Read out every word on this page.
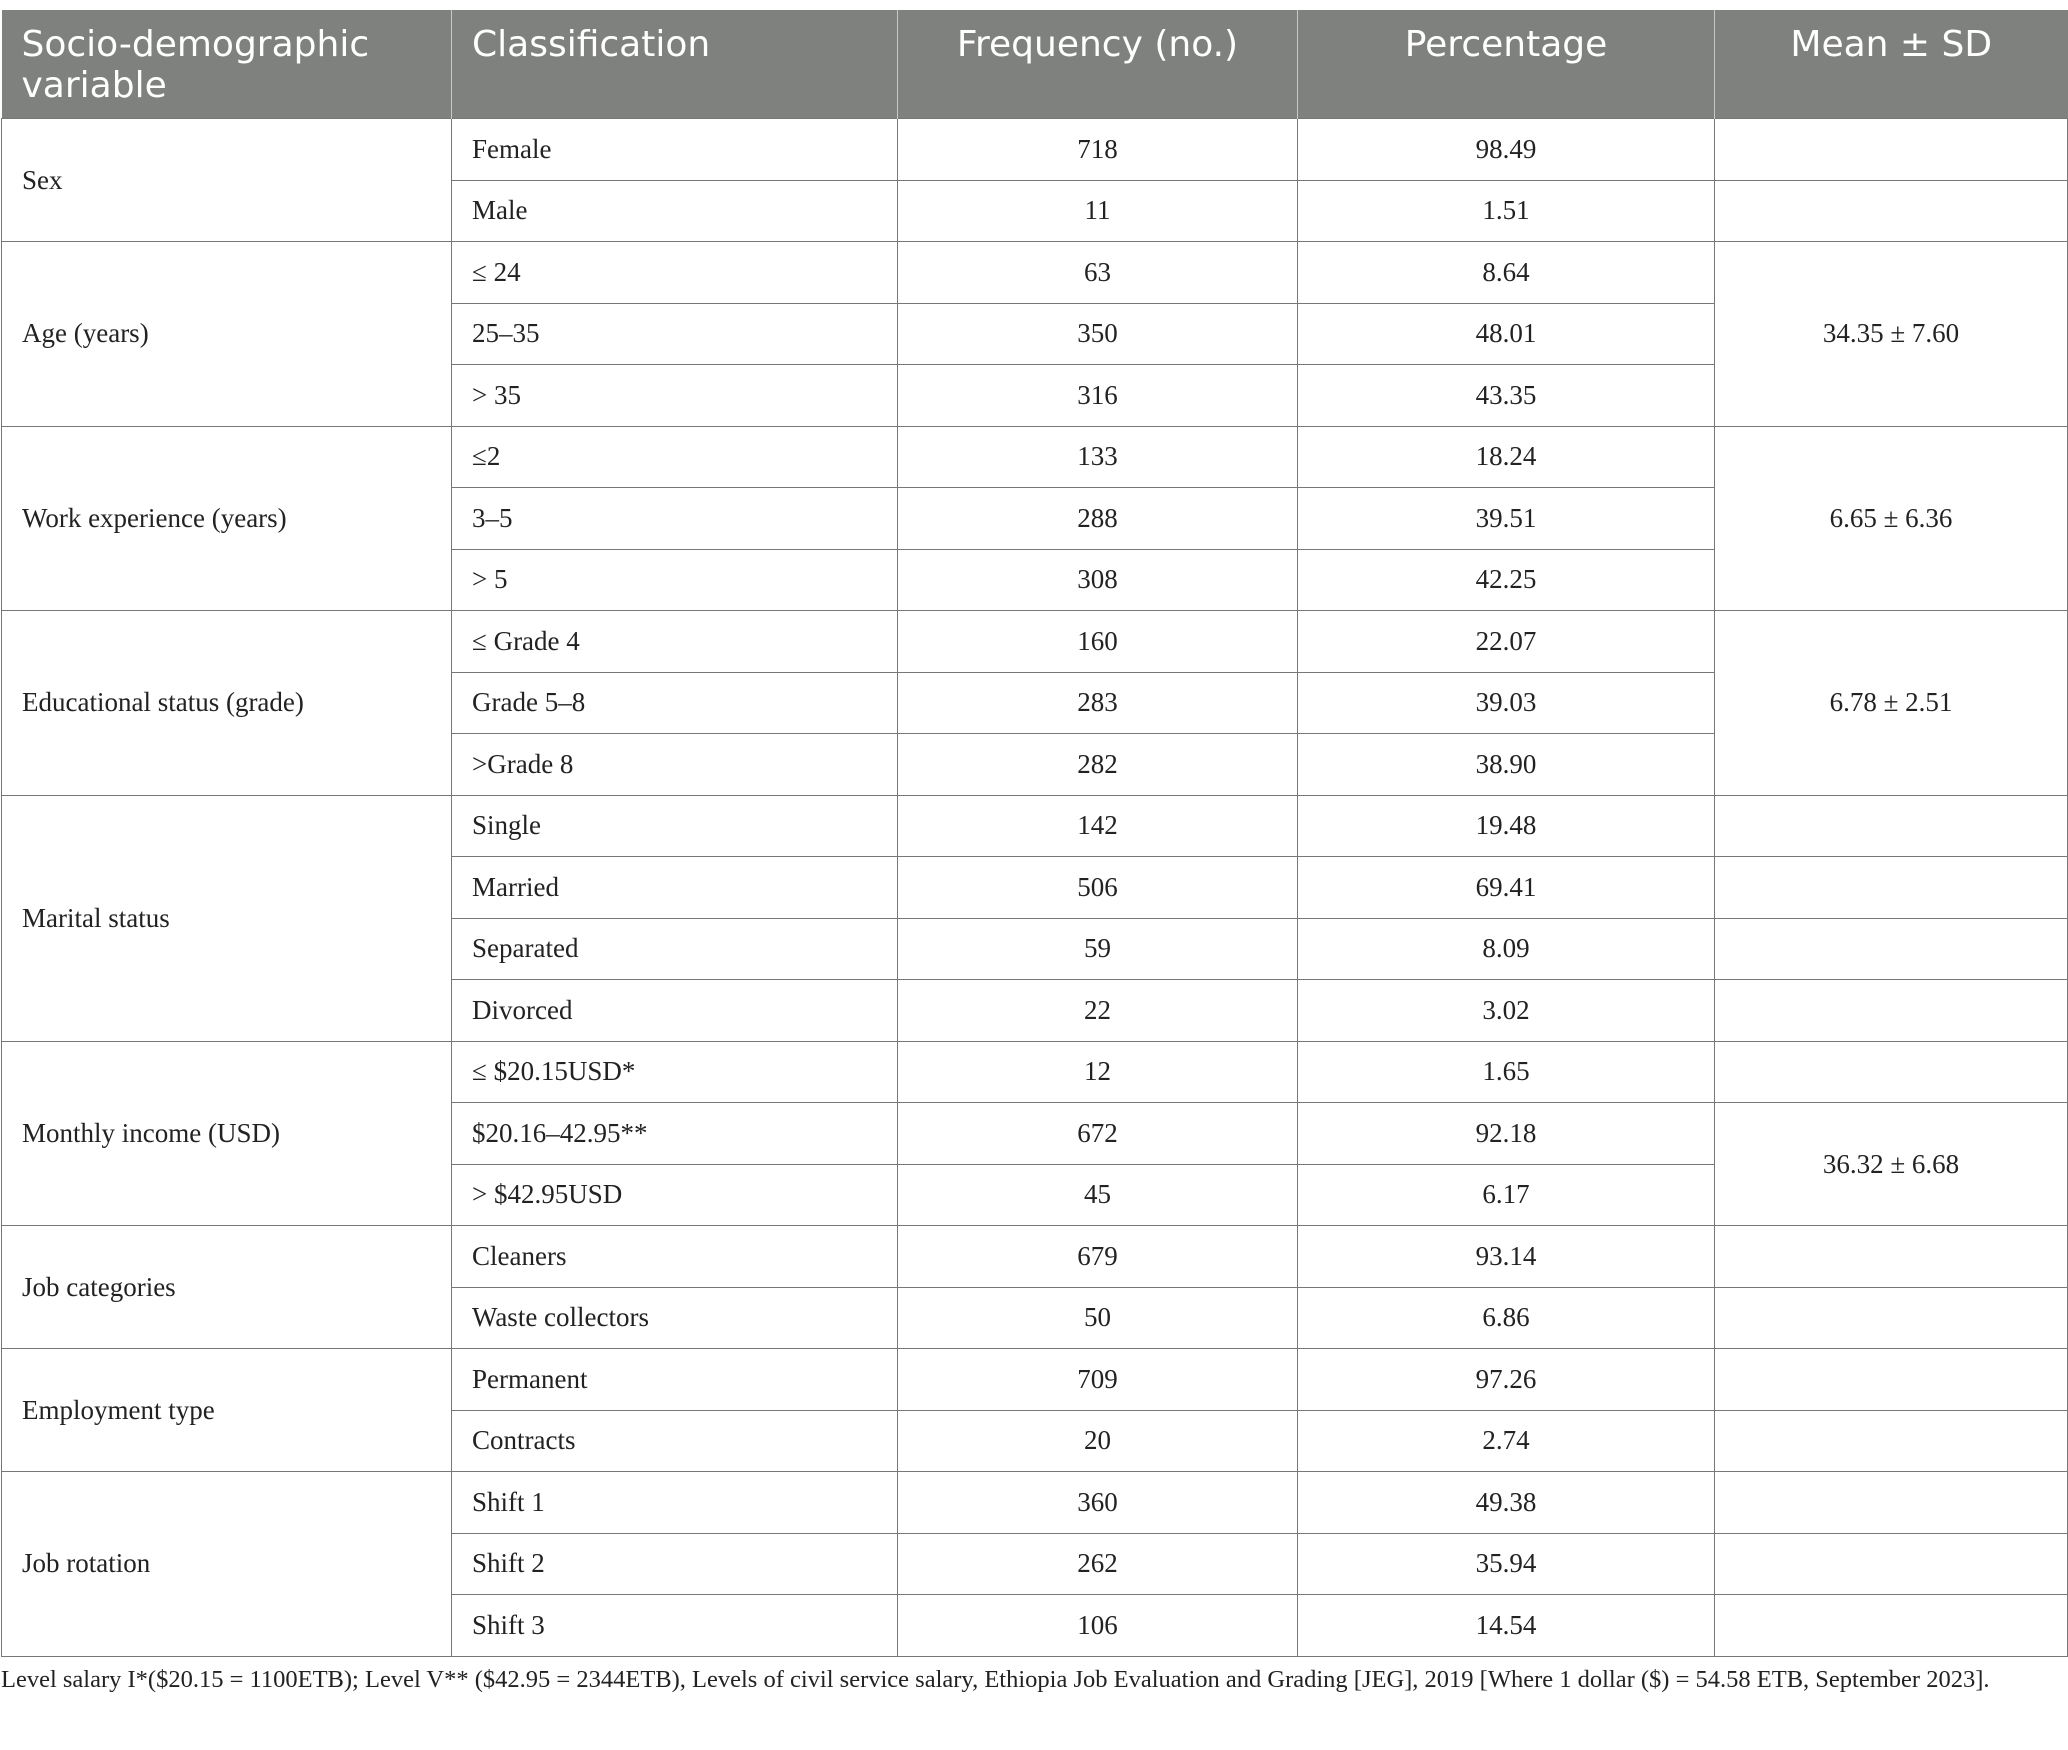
Socio-demographic variable	Classification	Frequency (no.)	Percentage	Mean ± SD
Sex	Female	718	98.49	
	Male	11	1.51	
Age (years)	≤ 24	63	8.64	34.35 ± 7.60
	25–35	350	48.01	
	> 35	316	43.35	
Work experience (years)	≤2	133	18.24	6.65 ± 6.36
	3–5	288	39.51	
	> 5	308	42.25	
Educational status (grade)	≤ Grade 4	160	22.07	6.78 ± 2.51
	Grade 5–8	283	39.03	
	>Grade 8	282	38.90	
Marital status	Single	142	19.48	
	Married	506	69.41	
	Separated	59	8.09	
	Divorced	22	3.02	
Monthly income (USD)	≤ $20.15USD*	12	1.65	
	$20.16–42.95**	672	92.18	36.32 ± 6.68
	> $42.95USD	45	6.17	
Job categories	Cleaners	679	93.14	
	Waste collectors	50	6.86	
Employment type	Permanent	709	97.26	
	Contracts	20	2.74	
Job rotation	Shift 1	360	49.38	
	Shift 2	262	35.94	
	Shift 3	106	14.54	
Level salary I*($20.15 = 1100ETB); Level V** ($42.95 = 2344ETB), Levels of civil service salary, Ethiopia Job Evaluation and Grading [JEG], 2019 [Where 1 dollar ($) = 54.58 ETB, September 2023].
